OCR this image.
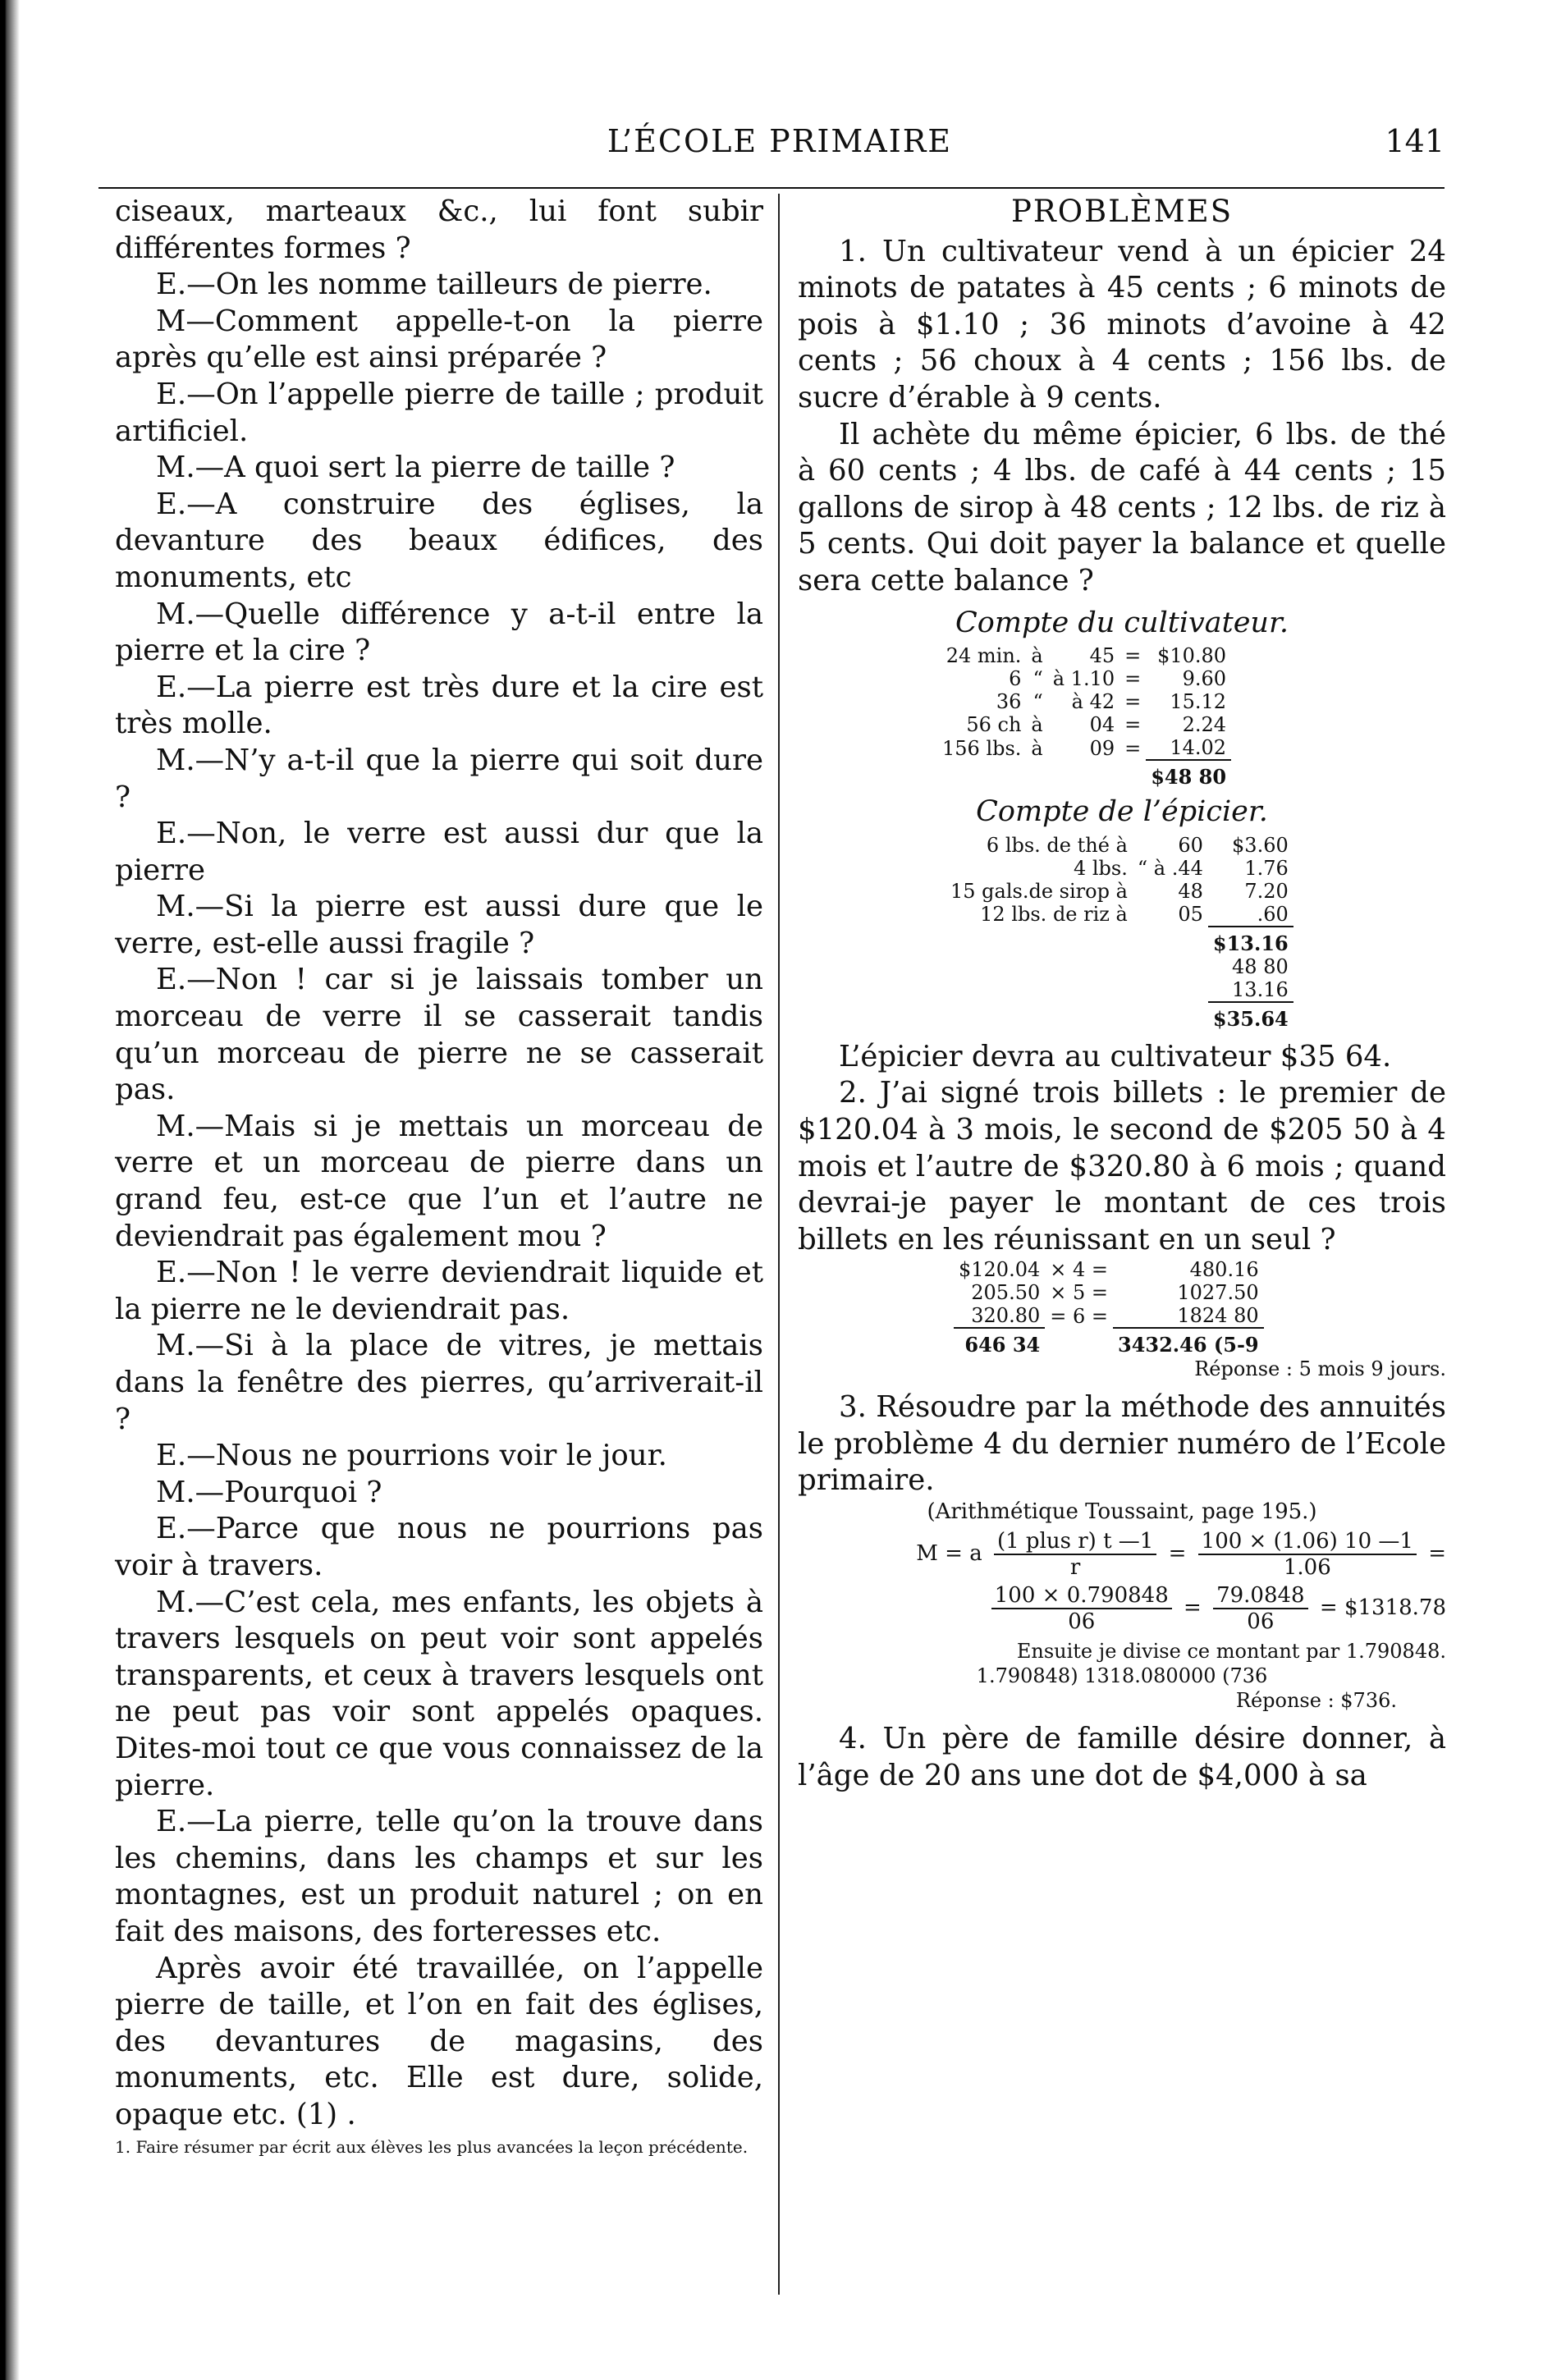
L’ÉCOLE PRIMAIRE	141

ciseaux, marteaux &c., lui font subir différentes formes ?

E.—On les nomme tailleurs de pierre.

M—Comment appelle-t-on la pierre après qu’elle est ainsi préparée ?

E.—On l’appelle pierre de taille ; produit artificiel.

M.—A quoi sert la pierre de taille ?

E.—A construire des églises, la devanture des beaux édifices, des monuments, etc

M.—Quelle différence y a-t-il entre la pierre et la cire ?

E.—La pierre est très dure et la cire est très molle.

M.—N’y a-t-il que la pierre qui soit dure ?

E.—Non, le verre est aussi dur que la pierre

M.—Si la pierre est aussi dure que le verre, est-elle aussi fragile ?

E.—Non ! car si je laissais tomber un morceau de verre il se casserait tandis qu’un morceau de pierre ne se casserait pas.

M.—Mais si je mettais un morceau de verre et un morceau de pierre dans un grand feu, est-ce que l’un et l’autre ne deviendrait pas également mou ?

E.—Non ! le verre deviendrait liquide et la pierre ne le deviendrait pas.

M.—Si à la place de vitres, je mettais dans la fenêtre des pierres, qu’arriverait-il ?

E.—Nous ne pourrions voir le jour.

M.—Pourquoi ?

E.—Parce que nous ne pourrions pas voir à travers.

M.—C’est cela, mes enfants, les objets à travers lesquels on peut voir sont appelés transparents, et ceux à travers lesquels ont ne peut pas voir sont appelés opaques. Dites-moi tout ce que vous connaissez de la pierre.

E.—La pierre, telle qu’on la trouve dans les chemins, dans les champs et sur les montagnes, est un produit naturel ; on en fait des maisons, des forteresses etc.

Après avoir été travaillée, on l’appelle pierre de taille, et l’on en fait des églises, des devantures de magasins, des monuments, etc. Elle est dure, solide, opaque etc. (1) .

1. Faire résumer par écrit aux élèves les plus avancées la leçon précédente.

PROBLÈMES

1. Un cultivateur vend à un épicier 24 minots de patates à 45 cents ; 6 minots de pois à $1.10 ; 36 minots d’avoine à 42 cents ; 56 choux à 4 cents ; 156 lbs. de sucre d’érable à 9 cents.

Il achète du même épicier, 6 lbs. de thé à 60 cents ; 4 lbs. de café à 44 cents ; 15 gallons de sirop à 48 cents ; 12 lbs. de riz à 5 cents. Qui doit payer la balance et quelle sera cette balance ?

Compte du cultivateur.
24 min.	à	45	=	$10.80
6	“	à 1.10	=	9.60
36	“	à 42	=	15.12
56 ch	à	04	=	2.24
156 lbs.	à	09	=	14.02
				$48 80
Compte de l’épicier.
6 lbs. de thé à	60	$3.60
4 lbs.	“ à .44	1.76
15 gals.de sirop à	48	7.20
12 lbs. de riz à	05	.60
		$13.16
		48 80
		13.16
		$35.64

L’épicier devra au cultivateur $35 64.

2. J’ai signé trois billets : le premier de $120.04 à 3 mois, le second de $205 50 à 4 mois et l’autre de $320.80 à 6 mois ; quand devrai-je payer le montant de ces trois billets en les réunissant en un seul ?

$120.04	× 4 =	480.16
205.50	× 5 =	1027.50
320.80	= 6 =	1824 80
646 34		3432.46 (5-9
Réponse : 5 mois 9 jours.

3. Résoudre par la méthode des annuités le problème 4 du dernier numéro de l’Ecole primaire.

(Arithmétique Toussaint, page 195.)
M = a $\frac{\text{(1 plus r) t —1}}{r} = \frac{100 \times (1.06) 10 —1}{1.06}$ =
$\frac{100 \times 0.790848}{06} = \frac{79.0848}{06}$ = $1318.78
Ensuite je divise ce montant par 1.790848.
1.790848) 1318.080000 (736
Réponse : $736.

4. Un père de famille désire donner, à l’âge de 20 ans une dot de $4,000 à sa
